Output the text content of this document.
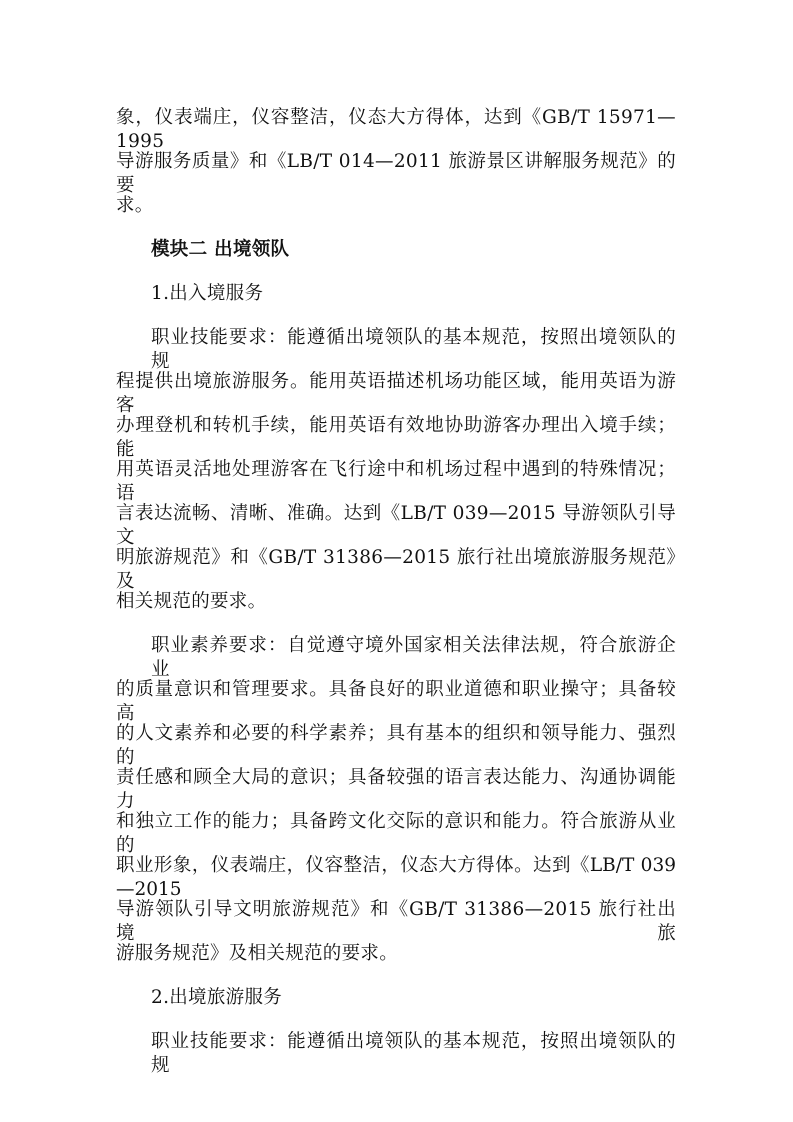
象，仪表端庄，仪容整洁，仪态大方得体，达到《GB/T 15971—1995
导游服务质量》和《LB/T 014—2011 旅游景区讲解服务规范》的要
求。
模块二 出境领队
1.出入境服务
职业技能要求：能遵循出境领队的基本规范，按照出境领队的规
程提供出境旅游服务。能用英语描述机场功能区域，能用英语为游客
办理登机和转机手续，能用英语有效地协助游客办理出入境手续；能
用英语灵活地处理游客在飞行途中和机场过程中遇到的特殊情况；语
言表达流畅、清晰、准确。达到《LB/T 039—2015 导游领队引导文
明旅游规范》和《GB/T 31386—2015 旅行社出境旅游服务规范》及
相关规范的要求。
职业素养要求：自觉遵守境外国家相关法律法规，符合旅游企业
的质量意识和管理要求。具备良好的职业道德和职业操守；具备较高
的人文素养和必要的科学素养；具有基本的组织和领导能力、强烈的
责任感和顾全大局的意识；具备较强的语言表达能力、沟通协调能力
和独立工作的能力；具备跨文化交际的意识和能力。符合旅游从业的
职业形象，仪表端庄，仪容整洁，仪态大方得体。达到《LB/T 039—2015
导游领队引导文明旅游规范》和《GB/T 31386—2015 旅行社出境旅
游服务规范》及相关规范的要求。
2.出境旅游服务
职业技能要求：能遵循出境领队的基本规范，按照出境领队的规
